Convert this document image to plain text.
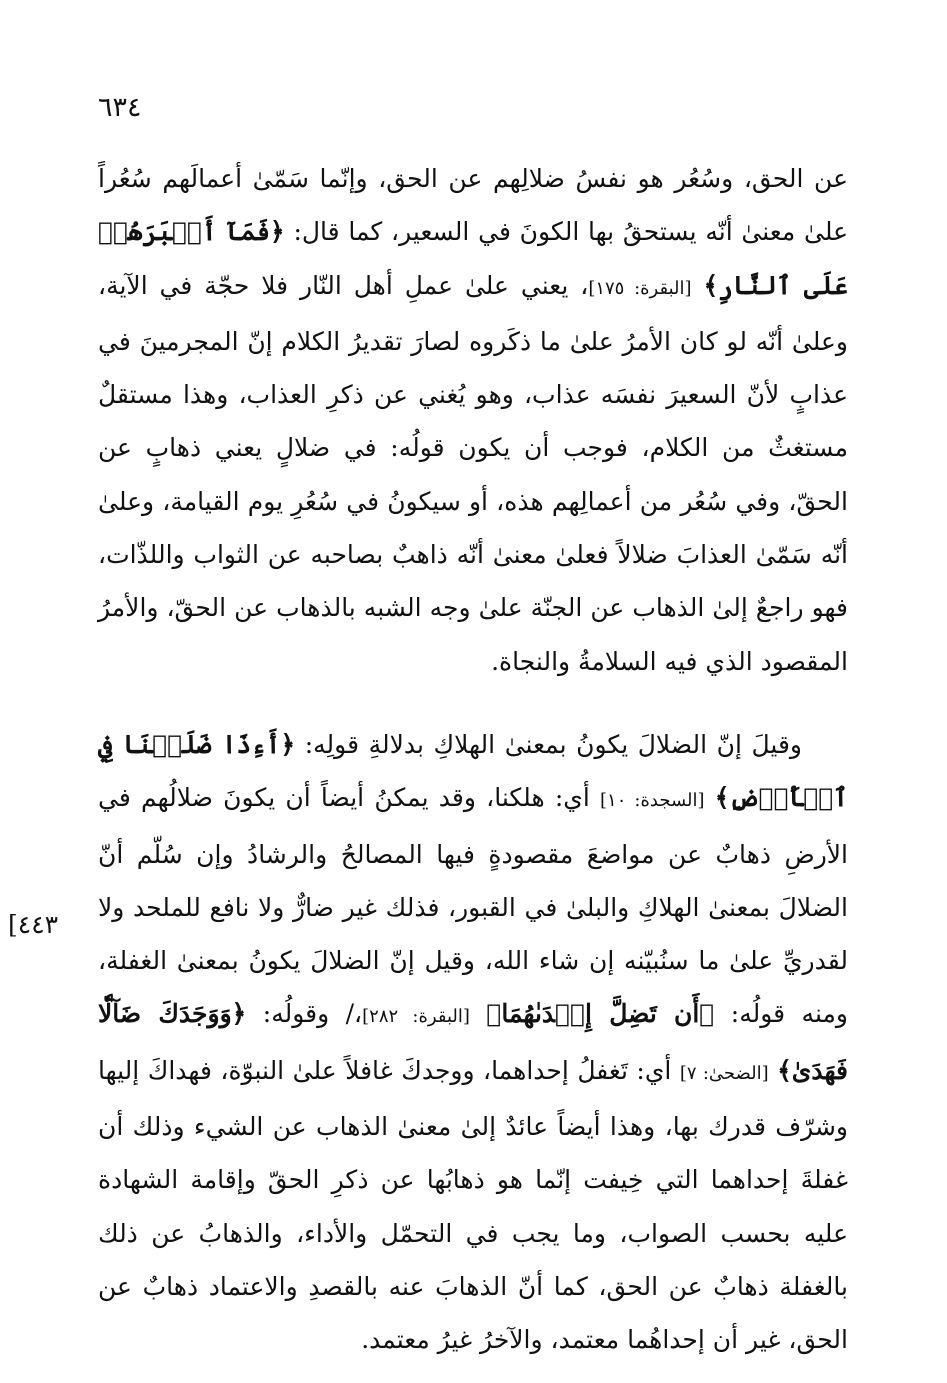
٦٣٤
[٤٤٣

عن الحق، وسُعُر هو نفسُ ضلالِهم عن الحق، وإنّما سَمّىٰ أعمالَهم سُعُراً علىٰ معنىٰ أنّه يستحقُ بها الكونَ في السعير، كما قال: ﴿فَمَآ أَصۡبَرَهُمۡ عَلَى ٱلنَّارِ﴾ [البقرة: ١٧٥]، يعني علىٰ عملِ أهل النّار فلا حجّة في الآية، وعلىٰ أنّه لو كان الأمرُ علىٰ ما ذكَروه لصارَ تقديرُ الكلام إنّ المجرمينَ في عذابٍ لأنّ السعيرَ نفسَه عذاب، وهو يُغني عن ذكرِ العذاب، وهذا مستقلٌ مستغثٌ من الكلام، فوجب أن يكون قولُه: في ضلالٍ يعني ذهابٍ عن الحقّ، وفي سُعُر من أعمالِهم هذه، أو سيكونُ في سُعُرِ يوم القيامة، وعلىٰ أنّه سَمّىٰ العذابَ ضلالاً فعلىٰ معنىٰ أنّه ذاهبٌ بصاحبه عن الثواب واللذّات، فهو راجعٌ إلىٰ الذهاب عن الجنّة علىٰ وجه الشبه بالذهاب عن الحقّ، والأمرُ المقصود الذي فيه السلامةُ والنجاة.

وقيلَ إنّ الضلالَ يكونُ بمعنىٰ الهلاكِ بدلالةِ قولِه: ﴿أَءِذَا ضَلَلۡنَا فِي ٱلۡأَرۡضِ﴾ [السجدة: ١٠] أي: هلكنا، وقد يمكنُ أيضاً أن يكونَ ضلالُهم في الأرضِ ذهابٌ عن مواضعَ مقصودةٍ فيها المصالحُ والرشادُ وإن سُلّم أنّ الضلالَ بمعنىٰ الهلاكِ والبلىٰ في القبور، فذلك غير ضارٌّ ولا نافع للملحد ولا لقدريِّ علىٰ ما سنُبيّنه إن شاء الله، وقيل إنّ الضلالَ يكونُ بمعنىٰ الغفلة، ومنه قولُه: ﴿أَن تَضِلَّ إِحۡدَىٰهُمَا﴾ [البقرة: ٢٨٢]،/ وقولُه: ﴿وَوَجَدَكَ ضَآلّٗا فَهَدَىٰ﴾ [الضحىٰ: ٧] أي: تَغفلُ إحداهما، ووجدكَ غافلاً علىٰ النبوّة، فهداكَ إليها وشرّف قدرك بها، وهذا أيضاً عائدٌ إلىٰ معنىٰ الذهاب عن الشيء وذلك أن غفلةَ إحداهما التي خِيفت إنّما هو ذهابُها عن ذكرِ الحقّ وإقامة الشهادة عليه بحسب الصواب، وما يجب في التحمّل والأداء، والذهابُ عن ذلك بالغفلة ذهابٌ عن الحق، كما أنّ الذهابَ عنه بالقصدِ والاعتماد ذهابٌ عن الحق، غير أن إحداهُما معتمد، والآخرُ غيرُ معتمد.
